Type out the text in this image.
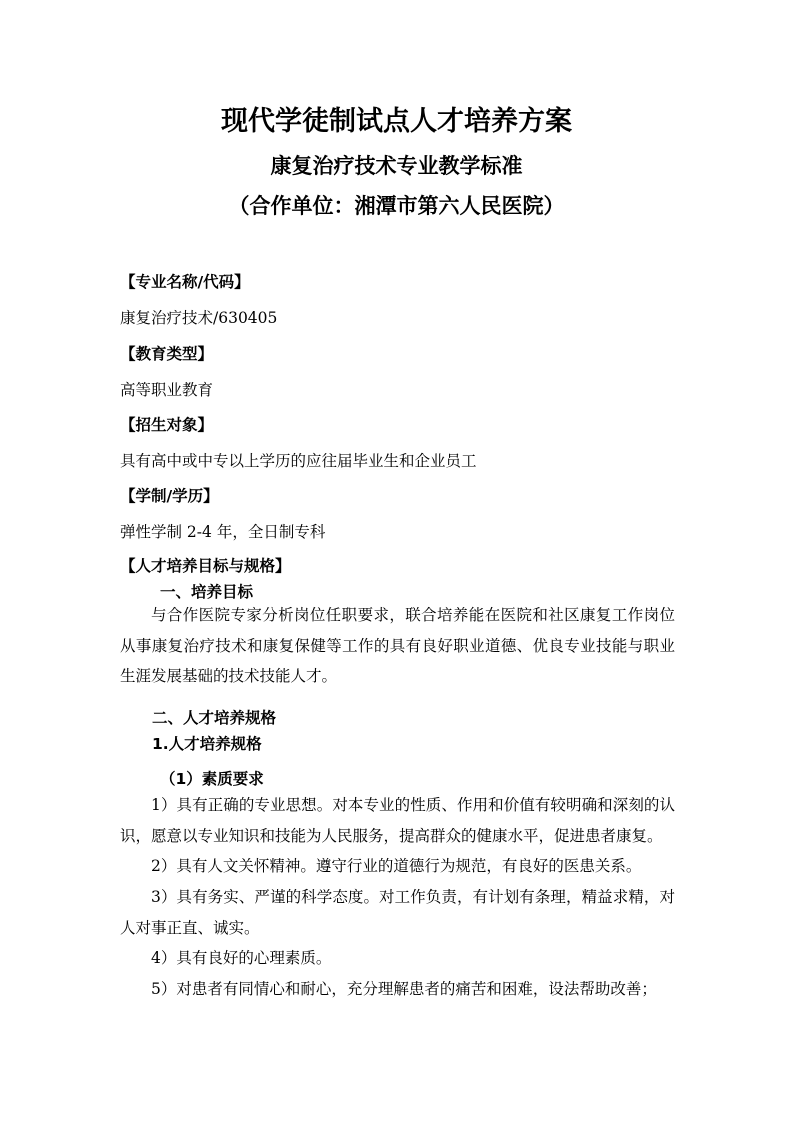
现代学徒制试点人才培养方案
康复治疗技术专业教学标准
（合作单位：湘潭市第六人民医院）
【专业名称/代码】
康复治疗技术/630405
【教育类型】
高等职业教育
【招生对象】
具有高中或中专以上学历的应往届毕业生和企业员工
【学制/学历】
弹性学制 2-4 年，全日制专科
【人才培养目标与规格】
一、培养目标
与合作医院专家分析岗位任职要求，联合培养能在医院和社区康复工作岗位从事康复治疗技术和康复保健等工作的具有良好职业道德、优良专业技能与职业生涯发展基础的技术技能人才。
二、人才培养规格
1.人才培养规格
（1）素质要求
1）具有正确的专业思想。对本专业的性质、作用和价值有较明确和深刻的认识，愿意以专业知识和技能为人民服务，提高群众的健康水平，促进患者康复。
2）具有人文关怀精神。遵守行业的道德行为规范，有良好的医患关系。
3）具有务实、严谨的科学态度。对工作负责，有计划有条理，精益求精，对人对事正直、诚实。
4）具有良好的心理素质。
5）对患者有同情心和耐心，充分理解患者的痛苦和困难，设法帮助改善；
